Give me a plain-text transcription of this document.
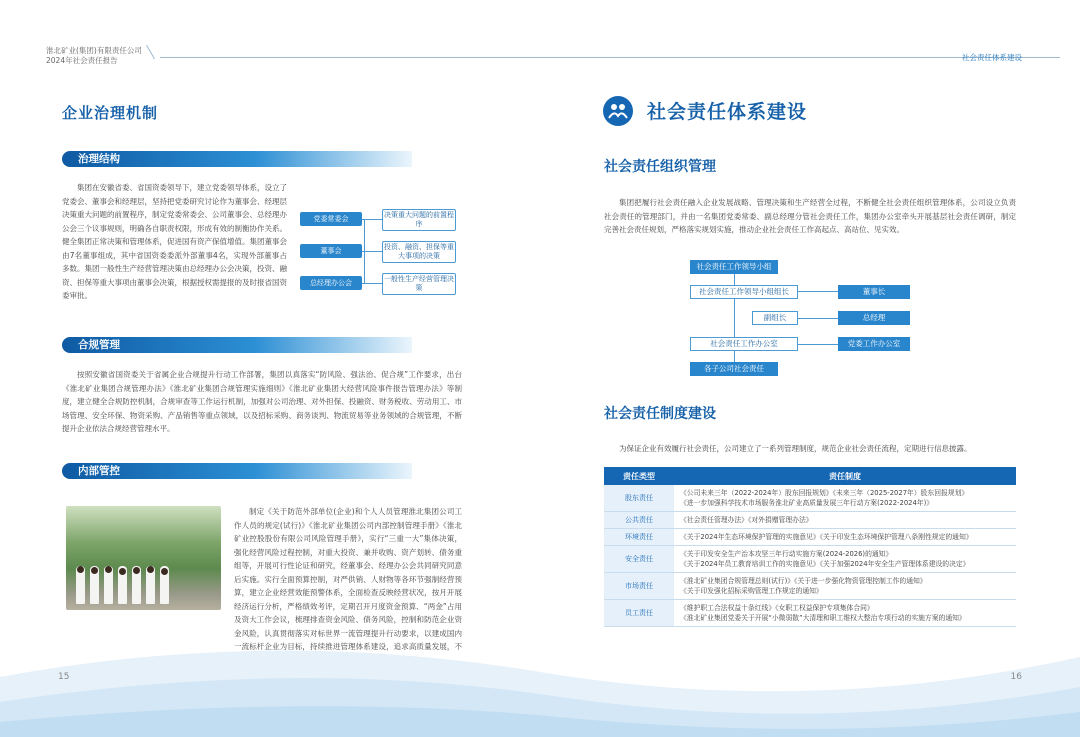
淮北矿业(集团)有限责任公司
2024年社会责任报告	社会责任体系建设
企业治理机制
治理结构
集团在安徽省委、省国资委领导下，建立党委领导体系，设立了党委会、董事会和经理层，坚持把党委研究讨论作为董事会、经理层决策重大问题的前置程序，制定党委常委会、公司董事会、总经理办公会三个议事规则，明确各自职责权限，形成有效的制衡协作关系。健全集团正常决策和管理体系，促进国有资产保值增值。集团董事会由7名董事组成，其中省国资委委派外部董事4名，实现外部董事占多数。集团一般性生产经营管理决策由总经理办公会决策，投资、融资、担保等重大事项由董事会决策，根据授权需提报的及时报省国资委审批。
党委常委会
董事会
总经理办公会
决策重大问题的前置程序
投资、融资、担保等重大事项的决策
一般性生产经营管理决策
合规管理
按照安徽省国资委关于省属企业合规提升行动工作部署，集团以真落实“防风险、强法治、促合规”工作要求，出台《淮北矿业集团合规管理办法》《淮北矿业集团合规管理实施细则》《淮北矿业集团大经营风险事件报告管理办法》等制度，建立健全合规防控机制，合规审查等工作运行机制，加强对公司治理、对外担保、投融资、财务税收、劳动用工、市场管理、安全环保、物资采购、产品销售等重点领域，以及招标采购、商务谈判、物流贸易等业务领域的合规管理，不断提升企业依法合规经营管理水平。
内部管控
制定《关于防范外部单位(企业)和个人人员管理淮北集团公司工作人员的规定(试行)》《淮北矿业集团公司内部控制管理手册》《淮北矿业控股股份有限公司风险管理手册》，实行“三重一大”集体决策，强化经营风险过程控制，对重大投资、兼并收购、资产划转、债务重组等，开展可行性论证和研究，经董事会、经理办公会共同研究同意后实施。实行全面预算控制，对严供销、人财物等各环节强制经营预算，建立企业经营效能预警体系，全面检查反映经营状况，按月开展经济运行分析，严格绩效考评，定期召开月度资金预算、“两金”占用及资大工作会议，梳理排查资金风险、债务风险，控制和防范企业资金风险，认真贯彻落实对标世界一流管理提升行动要求，以建成国内一流标杆企业为目标，持续推进管理体系建设，追求高质量发展，不
社会责任体系建设
社会责任组织管理
集团把履行社会责任融入企业发展战略、管理决策和生产经营全过程，不断健全社会责任组织管理体系，公司设立负责社会责任的管理部门，并由一名集团党委常委、副总经理分管社会责任工作，集团办公室牵头开展基层社会责任调研，制定完善社会责任规划，严格落实规划实施，推动企业社会责任工作高起点、高站位、见实效。
社会责任工作领导小组
社会责任工作领导小组组长	董事长
副组长	总经理
社会责任工作办公室	党委工作办公室
各子公司社会责任
社会责任制度建设
为保证企业有效履行社会责任，公司建立了一系列管理制度，规范企业社会责任流程，定期进行信息披露。
责任类型	责任制度
股东责任	《公司未来三年（2022-2024年）股东回报规划》《未来三年（2025-2027年）股东回报规划》
《进一步加强科学技术市场服务淮北矿业高质量发展三年行动方案(2022-2024年)》

公共责任	《社会责任管理办法》《对外捐赠管理办法》

环境责任	《关于2024年生态环境保护管理的实施意见》《关于印发生态环境保护管理八条刚性规定的通知》

安全责任	《关于印发安全生产治本攻坚三年行动实施方案(2024-2026)的通知》
《关于2024年员工教育培训工作的实施意见》《关于加强2024年安全生产管理体系建设的决定》

市场责任	《淮北矿业集团合规管理总则(试行)》《关于进一步强化物资管理控制工作的通知》
《关于印发强化招标采购管理工作规定的通知》

员工责任	《维护职工合法权益十条红线》《女职工权益保护专项集体合同》
《淮北矿业集团党委关于开展“小微弱散”大清理和职工维权大整治专项行动的实施方案的通知》
15	16
